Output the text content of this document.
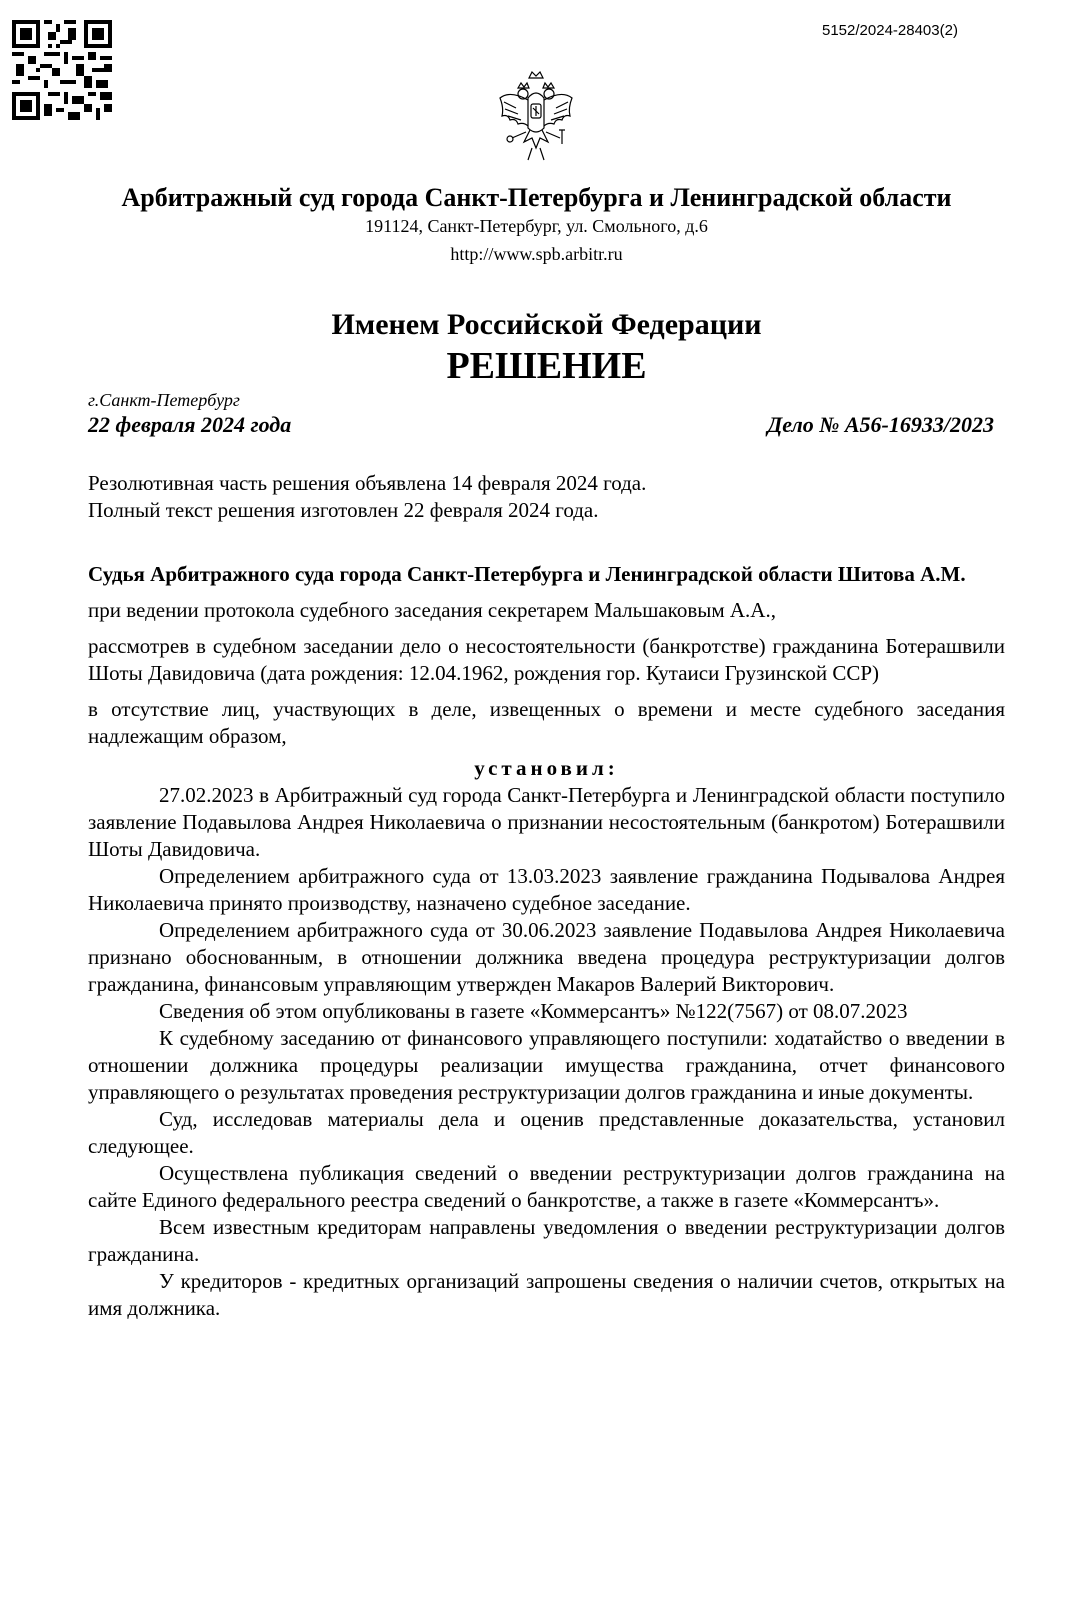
5152/2024-28403(2)
Арбитражный суд города Санкт-Петербурга и Ленинградской области
191124, Санкт-Петербург, ул. Смольного, д.6
http://www.spb.arbitr.ru
Именем Российской Федерации
РЕШЕНИЕ
г.Санкт-Петербург
22 февраля 2024 года	Дело № А56-16933/2023

Резолютивная часть решения объявлена 14 февраля 2024 года.

Полный текст решения изготовлен 22 февраля 2024 года.

Судья Арбитражного суда города Санкт-Петербурга и Ленинградской области Шитова А.М.

при ведении протокола судебного заседания секретарем Мальшаковым А.А.,

рассмотрев в судебном заседании дело о несостоятельности (банкротстве) гражданина Ботерашвили Шоты Давидовича (дата рождения: 12.04.1962, рождения гор. Кутаиси Грузинской ССР)

в отсутствие лиц, участвующих в деле, извещенных о времени и месте судебного заседания надлежащим образом,

установил:

27.02.2023 в Арбитражный суд города Санкт-Петербурга и Ленинградской области поступило заявление Подавылова Андрея Николаевича о признании несостоятельным (банкротом) Ботерашвили Шоты Давидовича.

Определением арбитражного суда от 13.03.2023 заявление гражданина Подывалова Андрея Николаевича принято производству, назначено судебное заседание.

Определением арбитражного суда от 30.06.2023 заявление Подавылова Андрея Николаевича признано обоснованным, в отношении должника введена процедура реструктуризации долгов гражданина, финансовым управляющим утвержден Макаров Валерий Викторович.

Сведения об этом опубликованы в газете «Коммерсантъ» №122(7567) от 08.07.2023

К судебному заседанию от финансового управляющего поступили: ходатайство о введении в отношении должника процедуры реализации имущества гражданина, отчет финансового управляющего о результатах проведения реструктуризации долгов гражданина и иные документы.

Суд, исследовав материалы дела и оценив представленные доказательства, установил следующее.

Осуществлена публикация сведений о введении реструктуризации долгов гражданина на сайте Единого федерального реестра сведений о банкротстве, а также в газете «Коммерсантъ».

Всем известным кредиторам направлены уведомления о введении реструктуризации долгов гражданина.

У кредиторов - кредитных организаций запрошены сведения о наличии счетов, открытых на имя должника.
